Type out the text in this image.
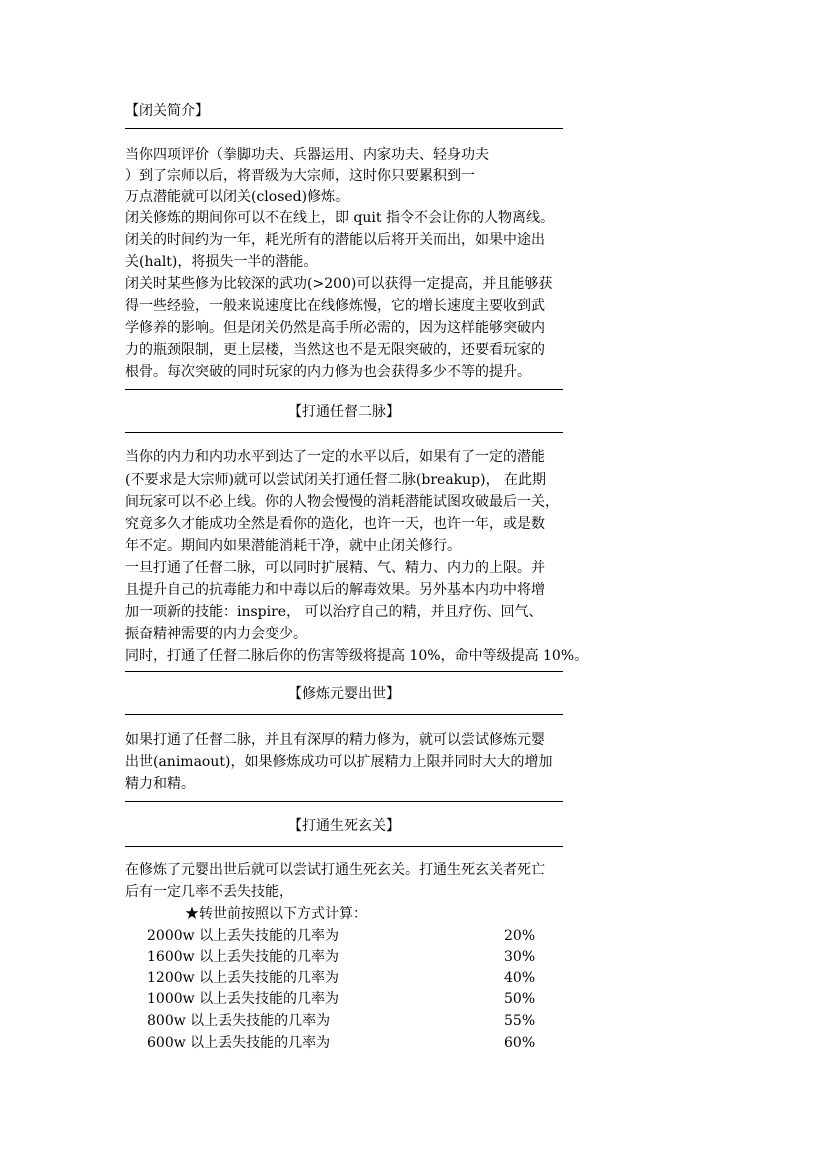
【闭关简介】
当你四项评价（拳脚功夫、兵器运用、内家功夫、轻身功夫
）到了宗师以后，将晋级为大宗师，这时你只要累积到一
万点潜能就可以闭关(closed)修炼。
闭关修炼的期间你可以不在线上，即 quit 指令不会让你的人物离线。
闭关的时间约为一年，耗光所有的潜能以后将开关而出，如果中途出
关(halt)，将损失一半的潜能。
闭关时某些修为比较深的武功(>200)可以获得一定提高，并且能够获
得一些经验，一般来说速度比在线修炼慢，它的增长速度主要收到武
学修养的影响。但是闭关仍然是高手所必需的，因为这样能够突破内
力的瓶颈限制，更上层楼，当然这也不是无限突破的，还要看玩家的
根骨。每次突破的同时玩家的内力修为也会获得多少不等的提升。
【打通任督二脉】
当你的内力和内功水平到达了一定的水平以后，如果有了一定的潜能
(不要求是大宗师)就可以尝试闭关打通任督二脉(breakup)， 在此期
间玩家可以不必上线。你的人物会慢慢的消耗潜能试图攻破最后一关，
究竟多久才能成功全然是看你的造化，也许一天，也许一年，或是数
年不定。期间内如果潜能消耗干净，就中止闭关修行。
一旦打通了任督二脉，可以同时扩展精、气、精力、内力的上限。并
且提升自己的抗毒能力和中毒以后的解毒效果。另外基本内功中将增
加一项新的技能：inspire， 可以治疗自己的精，并且疗伤、回气、
振奋精神需要的内力会变少。
同时，打通了任督二脉后你的伤害等级将提高 10%，命中等级提高 10%。
【修炼元婴出世】
如果打通了任督二脉，并且有深厚的精力修为，就可以尝试修炼元婴
出世(animaout)，如果修炼成功可以扩展精力上限并同时大大的增加
精力和精。
【打通生死玄关】
在修炼了元婴出世后就可以尝试打通生死玄关。打通生死玄关者死亡
后有一定几率不丢失技能，
★转世前按照以下方式计算：
2000w 以上丢失技能的几率为	20%
1600w 以上丢失技能的几率为	30%
1200w 以上丢失技能的几率为	40%
1000w 以上丢失技能的几率为	50%
800w 以上丢失技能的几率为	55%
600w 以上丢失技能的几率为	60%
